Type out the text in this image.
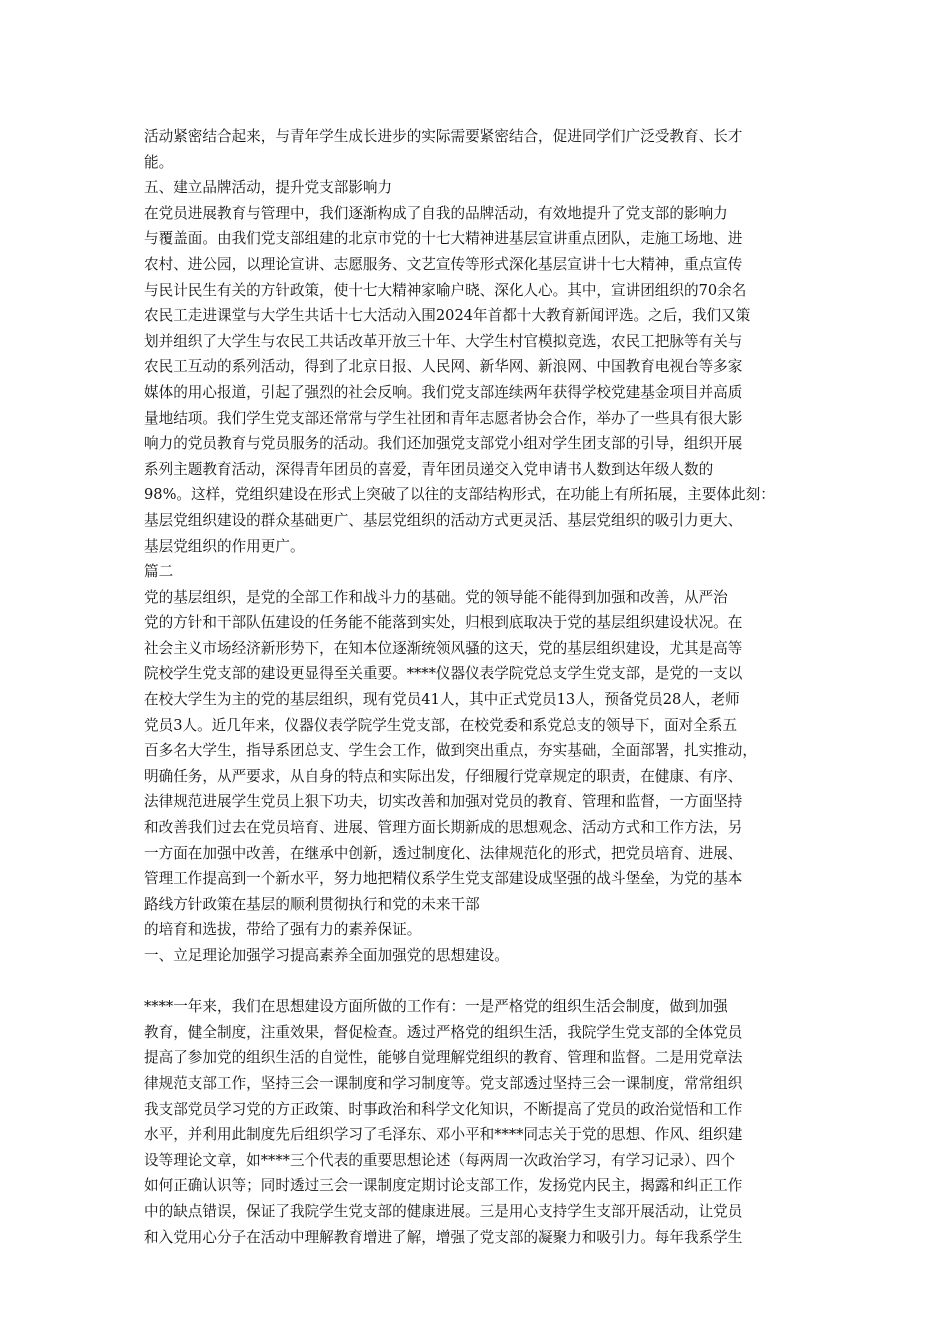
活动紧密结合起来，与青年学生成长进步的实际需要紧密结合，促进同学们广泛受教育、长才
能。
五、建立品牌活动，提升党支部影响力
在党员进展教育与管理中，我们逐渐构成了自我的品牌活动，有效地提升了党支部的影响力
与覆盖面。由我们党支部组建的北京市党的十七大精神进基层宣讲重点团队，走施工场地、进
农村、进公园，以理论宣讲、志愿服务、文艺宣传等形式深化基层宣讲十七大精神，重点宣传
与民计民生有关的方针政策，使十七大精神家喻户晓、深化人心。其中，宣讲团组织的70余名
农民工走进课堂与大学生共话十七大活动入围2024年首都十大教育新闻评选。之后，我们又策
划并组织了大学生与农民工共话改革开放三十年、大学生村官模拟竞选，农民工把脉等有关与
农民工互动的系列活动，得到了北京日报、人民网、新华网、新浪网、中国教育电视台等多家
媒体的用心报道，引起了强烈的社会反响。我们党支部连续两年获得学校党建基金项目并高质
量地结项。我们学生党支部还常常与学生社团和青年志愿者协会合作，举办了一些具有很大影
响力的党员教育与党员服务的活动。我们还加强党支部党小组对学生团支部的引导，组织开展
系列主题教育活动，深得青年团员的喜爱，青年团员递交入党申请书人数到达年级人数的
98%。这样，党组织建设在形式上突破了以往的支部结构形式，在功能上有所拓展，主要体此刻：
基层党组织建设的群众基础更广、基层党组织的活动方式更灵活、基层党组织的吸引力更大、
基层党组织的作用更广。
篇二
党的基层组织，是党的全部工作和战斗力的基础。党的领导能不能得到加强和改善，从严治
党的方针和干部队伍建设的任务能不能落到实处，归根到底取决于党的基层组织建设状况。在
社会主义市场经济新形势下，在知本位逐渐统领风骚的这天，党的基层组织建设，尤其是高等
院校学生党支部的建设更显得至关重要。****仪器仪表学院党总支学生党支部，是党的一支以
在校大学生为主的党的基层组织，现有党员41人，其中正式党员13人，预备党员28人，老师
党员3人。近几年来，仪器仪表学院学生党支部，在校党委和系党总支的领导下，面对全系五
百多名大学生，指导系团总支、学生会工作，做到突出重点，夯实基础，全面部署，扎实推动，
明确任务，从严要求，从自身的特点和实际出发，仔细履行党章规定的职责，在健康、有序、
法律规范进展学生党员上狠下功夫，切实改善和加强对党员的教育、管理和监督，一方面坚持
和改善我们过去在党员培育、进展、管理方面长期新成的思想观念、活动方式和工作方法，另
一方面在加强中改善，在继承中创新，透过制度化、法律规范化的形式，把党员培育、进展、
管理工作提高到一个新水平，努力地把精仪系学生党支部建设成坚强的战斗堡垒，为党的基本
路线方针政策在基层的顺利贯彻执行和党的未来干部
的培育和选拔，带给了强有力的素养保证。
一、立足理论加强学习提高素养全面加强党的思想建设。
****一年来，我们在思想建设方面所做的工作有：一是严格党的组织生活会制度，做到加强
教育，健全制度，注重效果，督促检查。透过严格党的组织生活，我院学生党支部的全体党员
提高了参加党的组织生活的自觉性，能够自觉理解党组织的教育、管理和监督。二是用党章法
律规范支部工作，坚持三会一课制度和学习制度等。党支部透过坚持三会一课制度，常常组织
我支部党员学习党的方正政策、时事政治和科学文化知识，不断提高了党员的政治觉悟和工作
水平，并利用此制度先后组织学习了毛泽东、邓小平和****同志关于党的思想、作风、组织建
设等理论文章，如****三个代表的重要思想论述（每两周一次政治学习，有学习记录）、四个
如何正确认识等；同时透过三会一课制度定期讨论支部工作，发扬党内民主，揭露和纠正工作
中的缺点错误，保证了我院学生党支部的健康进展。三是用心支持学生支部开展活动，让党员
和入党用心分子在活动中理解教育增进了解，增强了党支部的凝聚力和吸引力。每年我系学生
